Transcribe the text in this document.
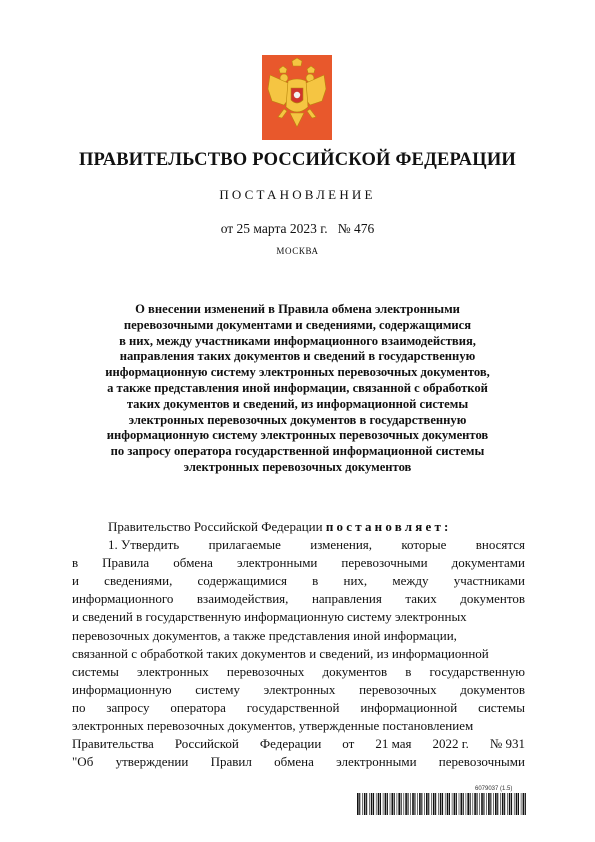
ПРАВИТЕЛЬСТВО РОССИЙСКОЙ ФЕДЕРАЦИИ
ПОСТАНОВЛЕНИЕ
от 25 марта 2023 г. № 476
МОСКВА
О внесении изменений в Правила обмена электронными
перевозочными документами и сведениями, содержащимися
в них, между участниками информационного взаимодействия,
направления таких документов и сведений в государственную
информационную систему электронных перевозочных документов,
а также представления иной информации, связанной с обработкой
таких документов и сведений, из информационной системы
электронных перевозочных документов в государственную
информационную систему электронных перевозочных документов
по запросу оператора государственной информационной системы
электронных перевозочных документов
Правительство Российской Федерации
постановляет:
1. Утвердить прилагаемые изменения, которые вносятся
в Правила обмена электронными перевозочными документами
и сведениями, содержащимися в них, между участниками
информационного взаимодействия, направления таких документов
и сведений в государственную информационную систему электронных
перевозочных документов, а также представления иной информации,
связанной с обработкой таких документов и сведений, из информационной
системы электронных перевозочных документов в государственную
информационную систему электронных перевозочных документов
по запросу оператора государственной информационной системы
электронных перевозочных документов, утвержденные постановлением
Правительства Российской Федерации от 21 мая 2022 г. № 931
"Об утверждении Правил обмена электронными перевозочными
6079037 (1.5)
